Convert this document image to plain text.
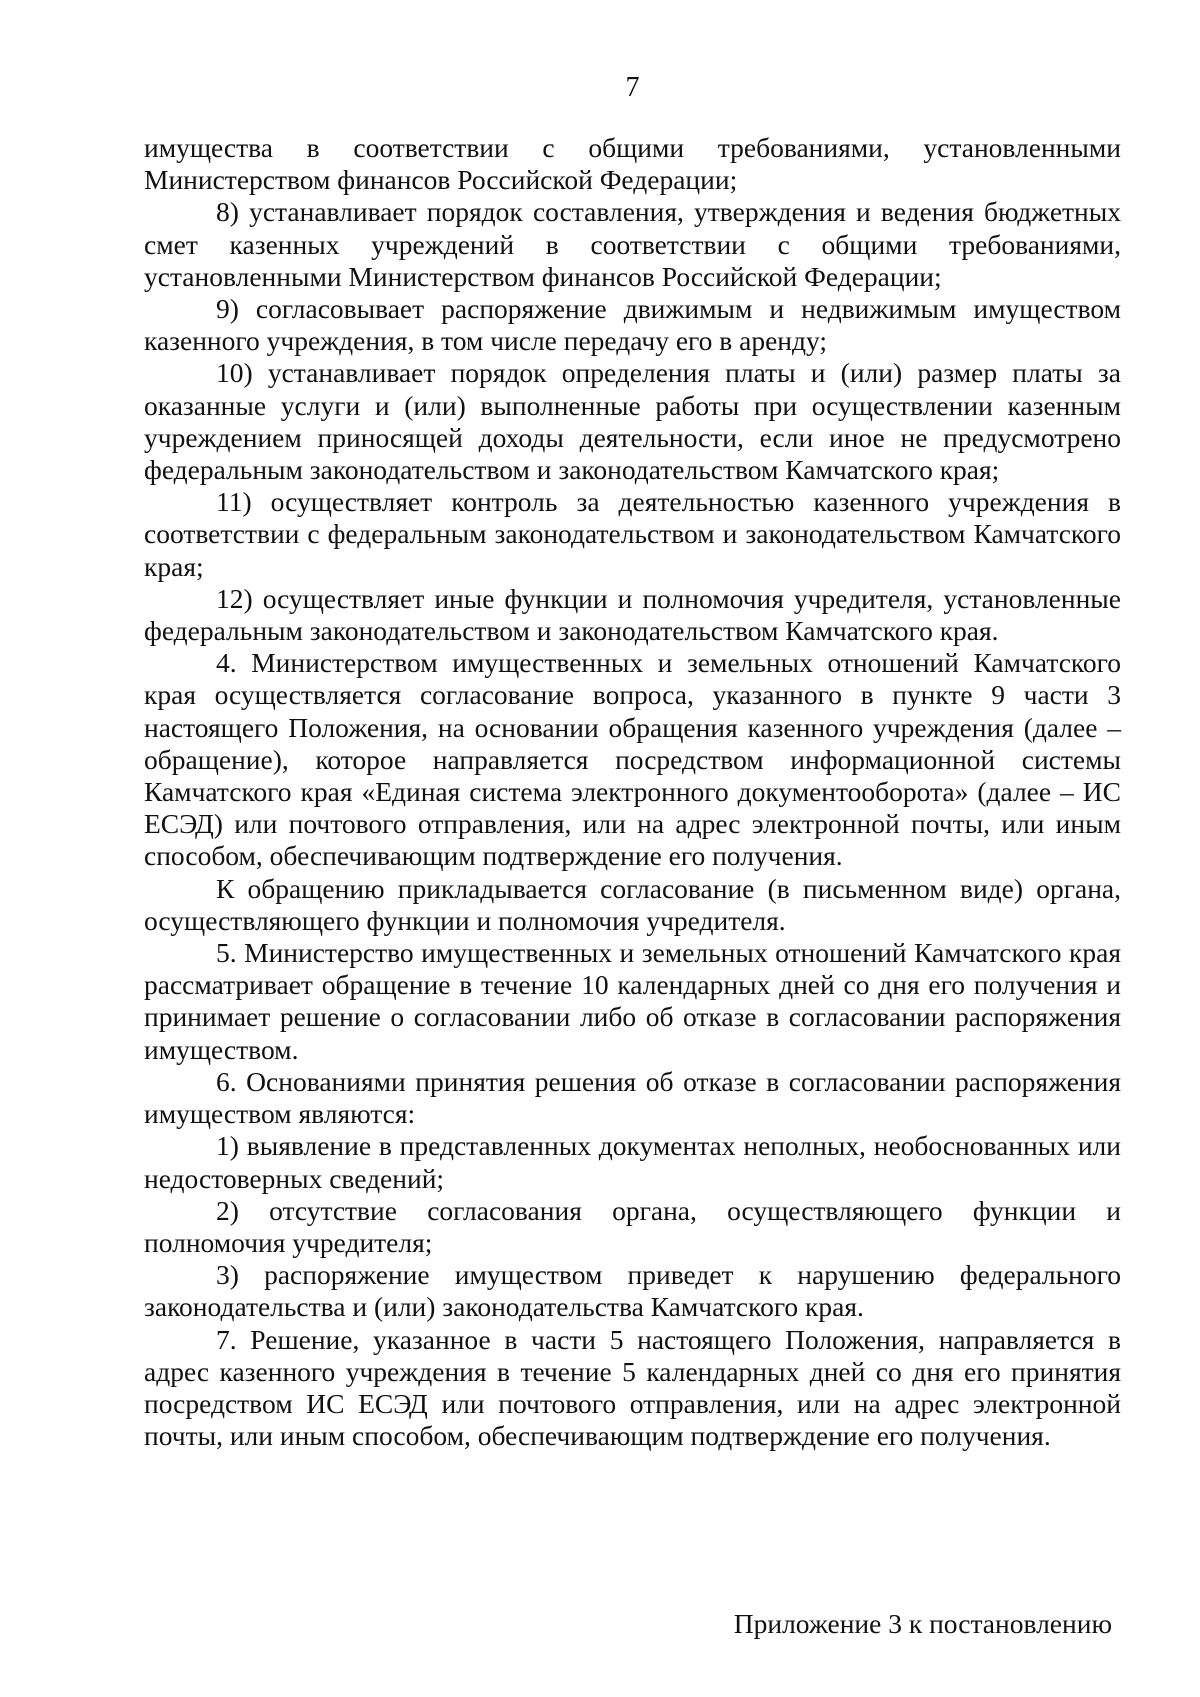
7

имущества в соответствии с общими требованиями, установленными Министерством финансов Российской Федерации;

8) устанавливает порядок составления, утверждения и ведения бюджетных смет казенных учреждений в соответствии с общими требованиями, установленными Министерством финансов Российской Федерации;

9) согласовывает распоряжение движимым и недвижимым имуществом казенного учреждения, в том числе передачу его в аренду;

10) устанавливает порядок определения платы и (или) размер платы за оказанные услуги и (или) выполненные работы при осуществлении казенным учреждением приносящей доходы деятельности, если иное не предусмотрено федеральным законодательством и законодательством Камчатского края;

11) осуществляет контроль за деятельностью казенного учреждения в соответствии с федеральным законодательством и законодательством Камчатского края;

12) осуществляет иные функции и полномочия учредителя, установленные федеральным законодательством и законодательством Камчатского края.

4. Министерством имущественных и земельных отношений Камчатского края осуществляется согласование вопроса, указанного в пункте 9 части 3 настоящего Положения, на основании обращения казенного учреждения (далее – обращение), которое направляется посредством информационной системы Камчатского края «Единая система электронного документооборота» (далее – ИС ЕСЭД) или почтового отправления, или на адрес электронной почты, или иным способом, обеспечивающим подтверждение его получения.

К обращению прикладывается согласование (в письменном виде) органа, осуществляющего функции и полномочия учредителя.

5. Министерство имущественных и земельных отношений Камчатского края рассматривает обращение в течение 10 календарных дней со дня его получения и принимает решение о согласовании либо об отказе в согласовании распоряжения имуществом.

6. Основаниями принятия решения об отказе в согласовании распоряжения имуществом являются:

1) выявление в представленных документах неполных, необоснованных или недостоверных сведений;

2) отсутствие согласования органа, осуществляющего функции и полномочия учредителя;

3) распоряжение имуществом приведет к нарушению федерального законодательства и (или) законодательства Камчатского края.

7. Решение, указанное в части 5 настоящего Положения, направляется в адрес казенного учреждения в течение 5 календарных дней со дня его принятия посредством ИС ЕСЭД или почтового отправления, или на адрес электронной почты, или иным способом, обеспечивающим подтверждение его получения.

Приложение 3 к постановлению
